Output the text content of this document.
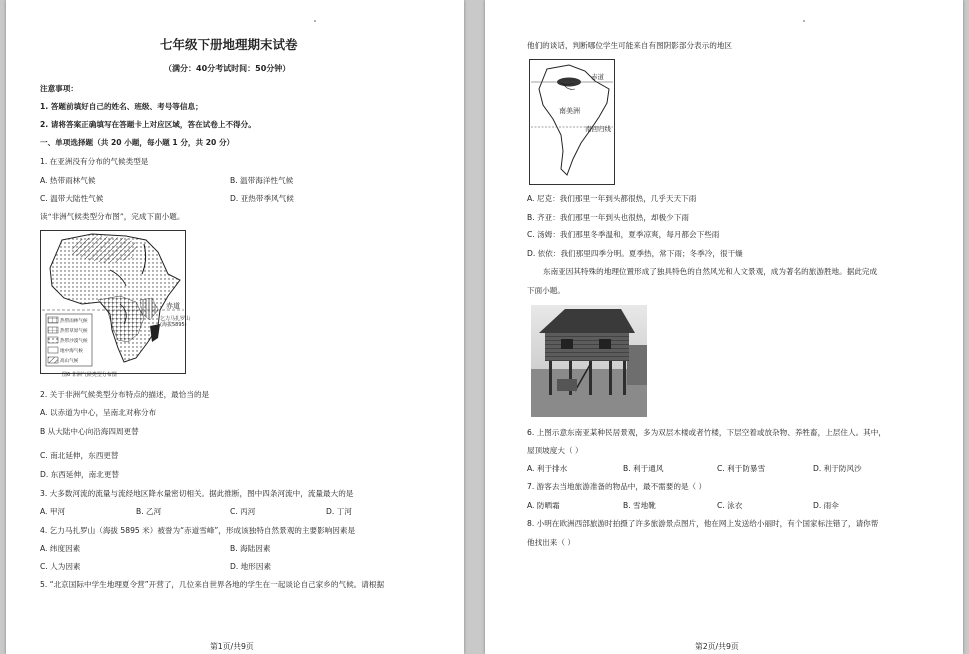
七年级下册地理期末试卷
（满分：40分考试时间：50分钟）
注意事项：
1. 答题前填好自己的姓名、班级、考号等信息；
2. 请将答案正确填写在答题卡上对应区域，答在试卷上不得分。
一、单项选择题（共 20 小题，每小题 1 分，共 20 分）
1. 在亚洲没有分布的气候类型是
A. 热带雨林气候	B. 温带海洋性气候
C. 温带大陆性气候	D. 亚热带季风气候
读“非洲气候类型分布图”，完成下面小题。
赤道
乞力马扎罗山
(海拔5895)
热带雨林气候
热带草原气候
热带沙漠气候
地中海气候
高山气候
图6 非洲气候类型分布图
2. 关于非洲气候类型分布特点的描述，最恰当的是
A. 以赤道为中心，呈南北对称分布
B 从大陆中心向沿海四周更替
C. 南北延伸，东西更替
D. 东西延伸，南北更替
3. 大多数河流的流量与流经地区降水量密切相关。据此推断，图中四条河流中，流量最大的是
A. 甲河	B. 乙河	C. 丙河	D. 丁河
4. 乞力马扎罗山（海拔 5895 米）被誉为“赤道雪峰”，形成该独特自然景观的主要影响因素是
A. 纬度因素	B. 海陆因素
C. 人为因素	D. 地形因素
5. “北京国际中学生地理夏令营”开营了，几位来自世界各地的学生在一起谈论自己家乡的气候。请根据
第1页/共9页
他们的谈话，判断哪位学生可能来自有图阴影部分表示的地区
赤道
南美洲
南回归线
A. 尼克：我们那里一年到头都很热，几乎天天下雨
B. 齐亚：我们那里一年到头也很热，却极少下雨
C. 汤姆：我们那里冬季温和，夏季凉爽，每月都会下些雨
D. 依依：我们那里四季分明。夏季热，常下雨；冬季冷，很干燥
东南亚因其特殊的地理位置形成了独具特色的自然风光和人文景观，成为著名的旅游胜地。据此完成
下面小题。
6. 上图示意东南亚某种民居景观，多为双层木楼或者竹楼，下层空着或放杂物、养牲畜，上层住人。其中，
屋顶坡度大（ ）
A. 利于排水	B. 利于通风	C. 利于防暴雪	D. 利于防风沙
7. 游客去当地旅游准备的物品中，最不需要的是（ ）
A. 防晒霜	B. 雪地靴	C. 泳衣	D. 雨伞
8. 小明在欧洲西部旅游时拍摄了许多旅游景点图片，他在网上发送给小丽时，有个国家标注错了，请你帮
他找出来（ ）
第2页/共9页
